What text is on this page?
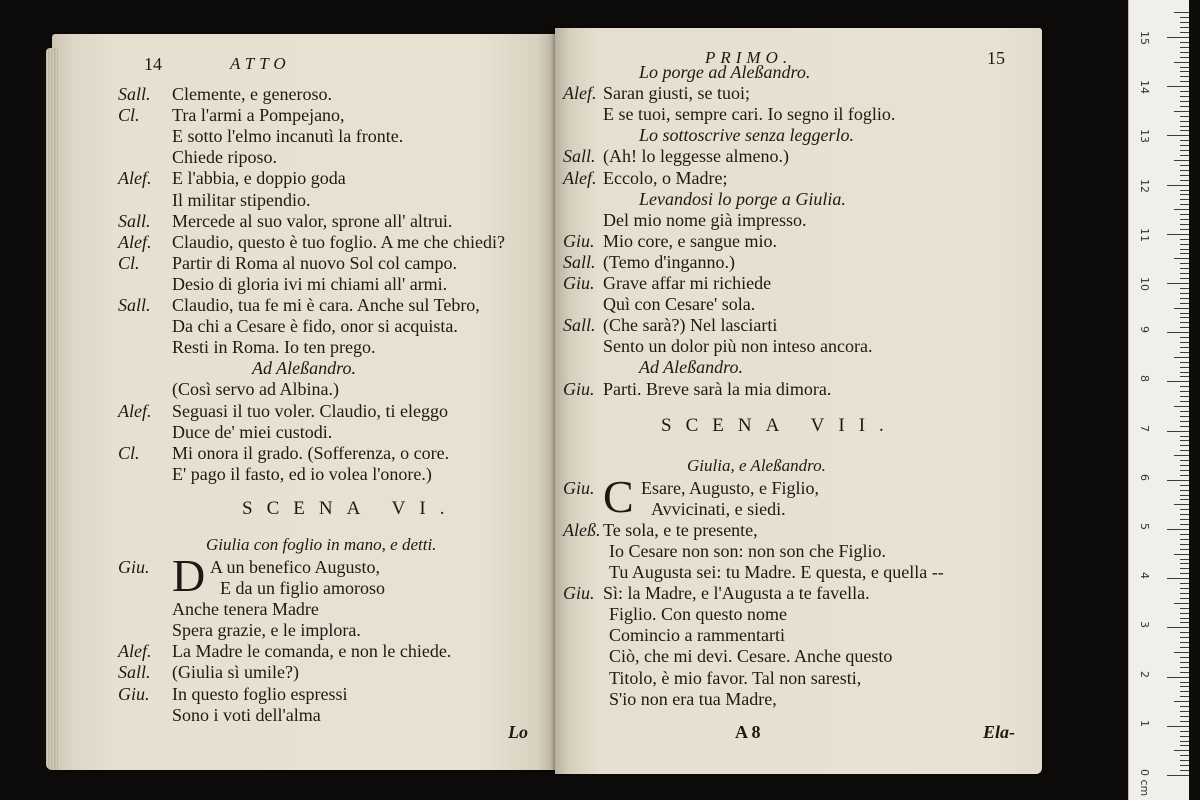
14	ATTO
Sall. Clemente, e generoso.
Cl. Tra l'armi a Pompejano,
E sotto l'elmo incanutì la fronte.
Chiede riposo.
Alef. E l'abbia, e doppio goda
Il militar stipendio.
Sall. Mercede al suo valor, sprone all' altrui.
Alef. Claudio, questo è tuo foglio. A me che chiedi?
Cl. Partir di Roma al nuovo Sol col campo.
Desio di gloria ivi mi chiami all' armi.
Sall. Claudio, tua fe mi è cara. Anche sul Tebro,
Da chi a Cesare è fido, onor si acquista.
Resti in Roma. Io ten prego.
Ad Aleßandro.
(Così servo ad Albina.)
Alef. Seguasi il tuo voler. Claudio, ti eleggo
Duce de' miei custodi.
Cl. Mi onora il grado. (Sofferenza, o core.
E' pago il fasto, ed io volea l'onore.)
SCENA VI.
Giulia con foglio in mano, e detti.
D
Giu.	A un benefico Augusto,
E da un figlio amoroso
Anche tenera Madre
Spera grazie, e le implora.
Alef. La Madre le comanda, e non le chiede.
Sall. (Giulia sì umile?)
Giu. In questo foglio espressi
Sono i voti dell'alma
Lo
15
PRIMO.
Lo porge ad Aleßandro.
Alef. Saran giusti, se tuoi;
E se tuoi, sempre cari. Io segno il foglio.
Lo sottoscrive senza leggerlo.
Sall. (Ah! lo leggesse almeno.)
Alef. Eccolo, o Madre;
Levandosi lo porge a Giulia.
Del mio nome già impresso.
Giu. Mio core, e sangue mio.
Sall. (Temo d'inganno.)
Giu. Grave affar mi richiede
Quì con Cesare' sola.
Sall. (Che sarà?) Nel lasciarti
Sento un dolor più non inteso ancora.
Ad Aleßandro.
Giu. Parti. Breve sarà la mia dimora.
SCENA VII.
Giulia, e Aleßandro.
C
Giu.	Esare, Augusto, e Figlio,
Avvicinati, e siedi.
Aleß. Te sola, e te presente,
Io Cesare non son: non son che Figlio.
Tu Augusta sei: tu Madre. E questa, e quella --
Giu. Sì: la Madre, e l'Augusta a te favella.
Figlio. Con questo nome
Comincio a rammentarti
Ciò, che mi devi. Cesare. Anche questo
Titolo, è mio favor. Tal non saresti,
S'io non era tua Madre,
A 8	Ela-	1
2
3
4
5
6
7
8
9
10
11
12
13
14
15
0 cm
